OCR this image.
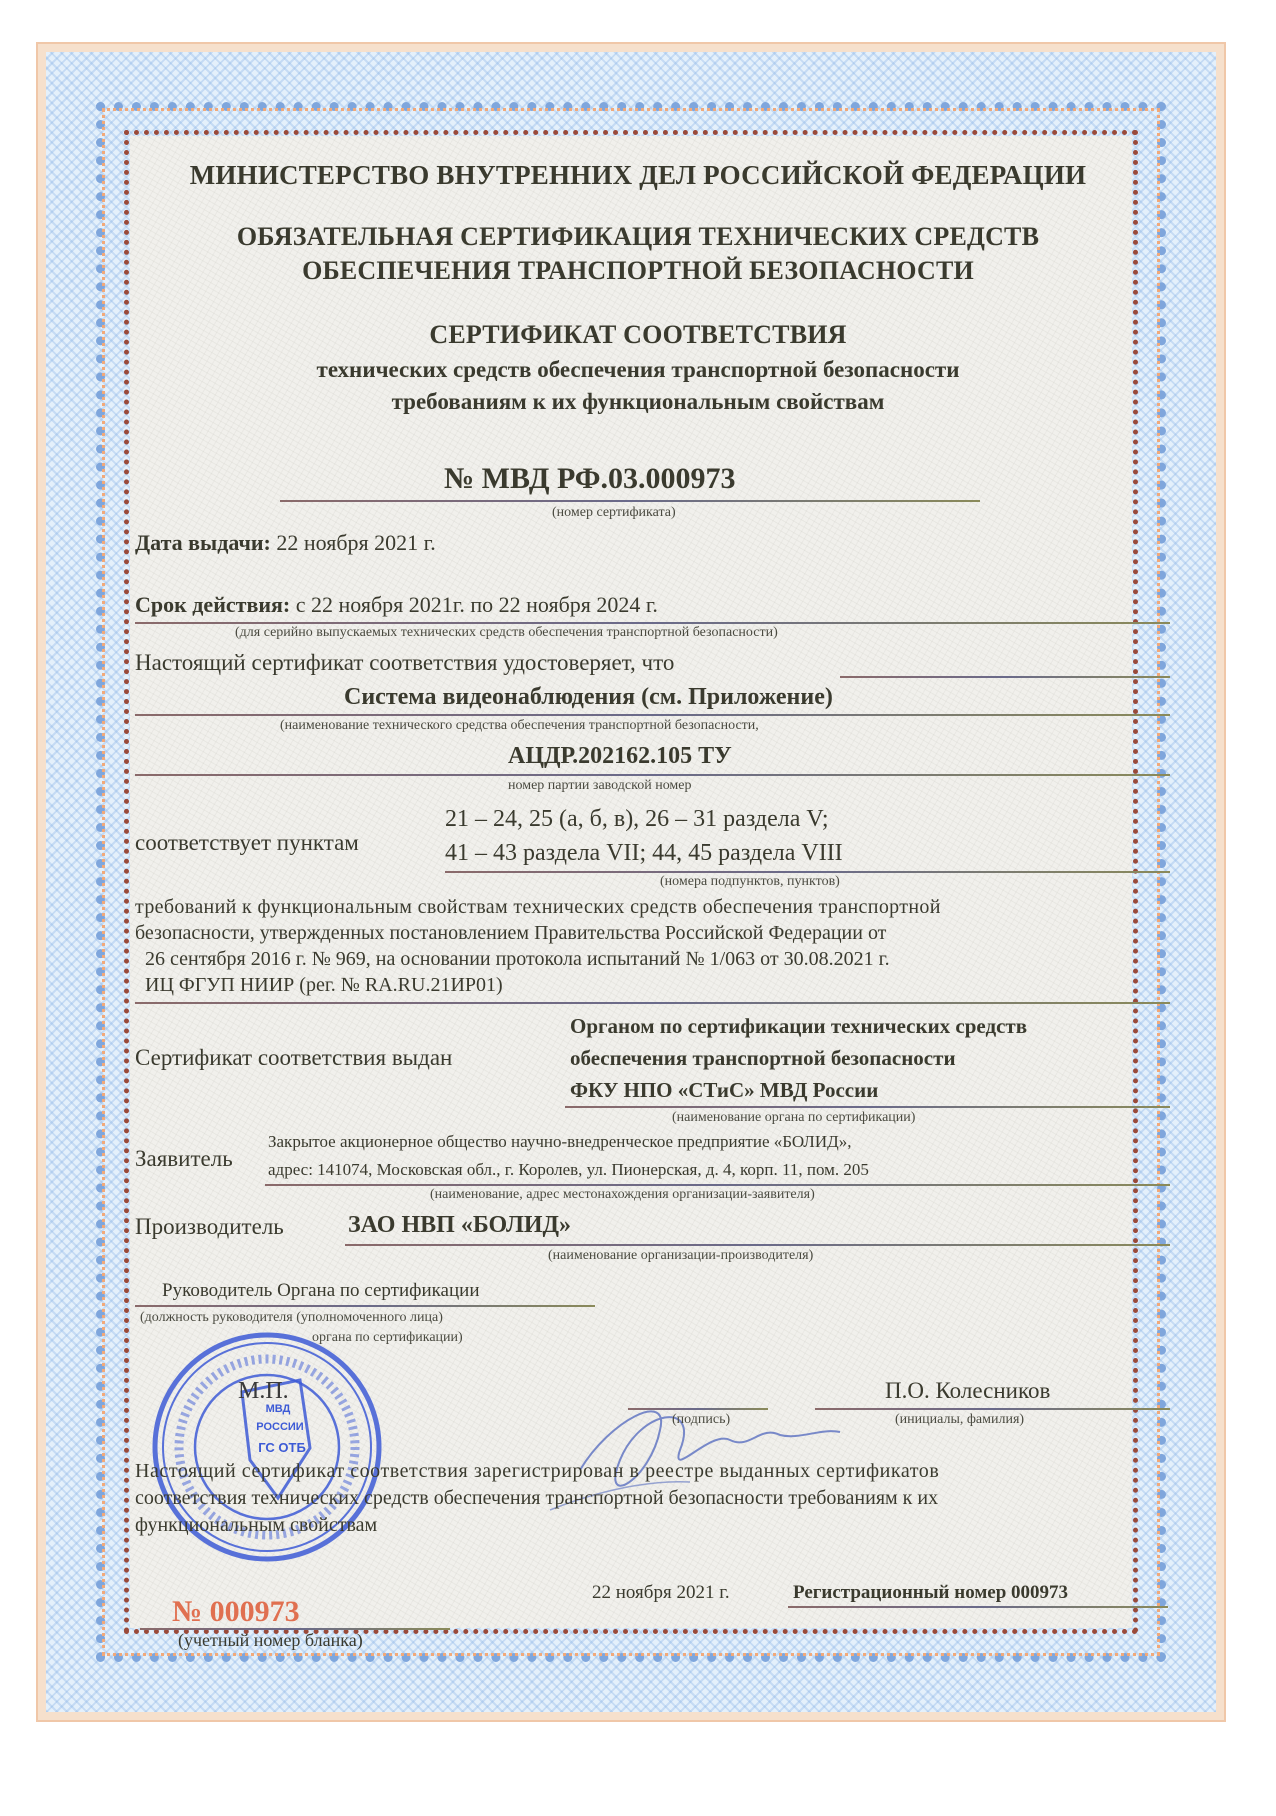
МИНИСТЕРСТВО ВНУТРЕННИХ ДЕЛ РОССИЙСКОЙ ФЕДЕРАЦИИ
ОБЯЗАТЕЛЬНАЯ СЕРТИФИКАЦИЯ ТЕХНИЧЕСКИХ СРЕДСТВ
ОБЕСПЕЧЕНИЯ ТРАНСПОРТНОЙ БЕЗОПАСНОСТИ
СЕРТИФИКАТ СООТВЕТСТВИЯ
технических средств обеспечения транспортной безопасности
требованиям к их функциональным свойствам
№ МВД РФ.03.000973
(номер сертификата)
Дата выдачи: 22 ноября 2021 г.
Срок действия: с 22 ноября 2021г. по 22 ноября 2024 г.
(для серийно выпускаемых технических средств обеспечения транспортной безопасности)
Настоящий сертификат соответствия удостоверяет, что
Система видеонаблюдения (см. Приложение)
(наименование технического средства обеспечения транспортной безопасности,
АЦДР.202162.105 ТУ
номер партии заводской номер
соответствует пунктам
21 – 24, 25 (а, б, в), 26 – 31 раздела V;
41 – 43 раздела VII; 44, 45 раздела VIII
(номера подпунктов, пунктов)
требований к функциональным свойствам технических средств обеспечения транспортной
безопасности, утвержденных постановлением Правительства Российской Федерации от
26 сентября 2016 г. № 969, на основании протокола испытаний № 1/063 от 30.08.2021 г.
ИЦ ФГУП НИИР (рег. № RA.RU.21ИР01)
Сертификат соответствия выдан
Органом по сертификации технических средств
обеспечения транспортной безопасности
ФКУ НПО «СТиС» МВД России
(наименование органа по сертификации)
Заявитель
Закрытое акционерное общество научно-внедренческое предприятие «БОЛИД»,
адрес: 141074, Московская обл., г. Королев, ул. Пионерская, д. 4, корп. 11, пом. 205
(наименование, адрес местонахождения организации-заявителя)
Производитель	ЗАО НВП «БОЛИД»
(наименование организации-производителя)
Руководитель Органа по сертификации
(должность руководителя (уполномоченного лица)
органа по сертификации)
МВД
РОССИИ
ГС ОТБ
М.П.
(подпись)
П.О. Колесников
(инициалы, фамилия)
Настоящий сертификат соответствия зарегистрирован в реестре выданных сертификатов
соответствия технических средств обеспечения транспортной безопасности требованиям к их
функциональным свойствам
22 ноября 2021 г.	Регистрационный номер 000973
№ 000973
(учетный номер бланка)
